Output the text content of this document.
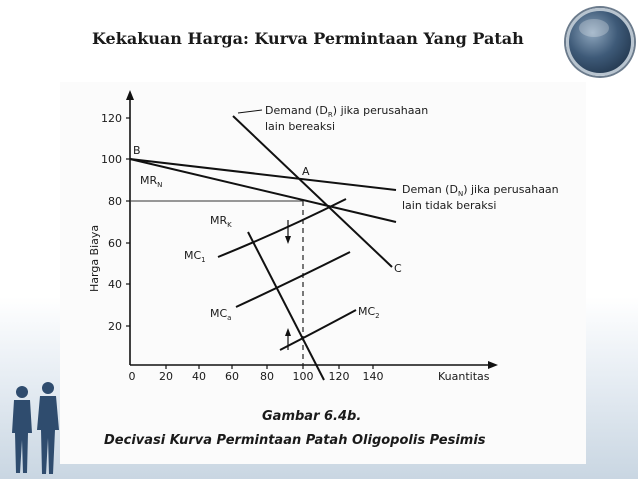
Kekakuan Harga: Kurva Permintaan Yang Patah
20
40
60
80
100
120
0 20 40 60 80 100 120 140	Kuantitas
Harga Biaya
B
A
C
Demand $(D_R)$ jika perusahaan
lain bereaksi
Deman $(D_N)$ jika perusahaan
lain tidak beraksi
$MR_N$
$MR_K$
$MC_1$
$MC_a$	$MC_2$
Gambar 6.4b.
Decivasi Kurva Permintaan Patah Oligopolis Pesimis
